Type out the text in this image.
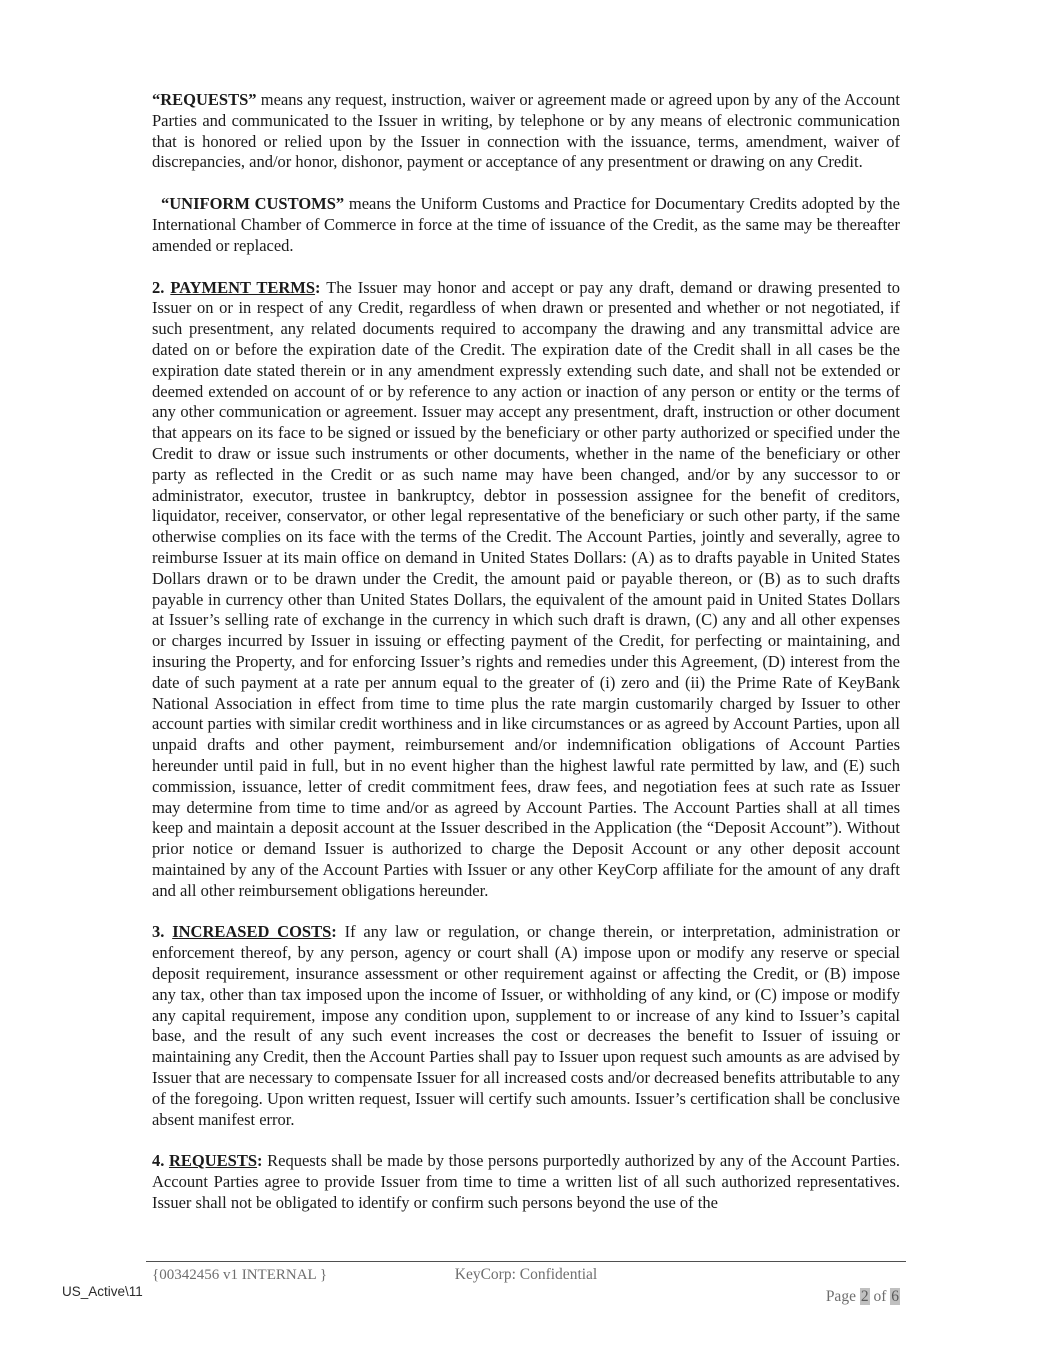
“REQUESTS” means any request, instruction, waiver or agreement made or agreed upon by any of the Account Parties and communicated to the Issuer in writing, by telephone or by any means of electronic communication that is honored or relied upon by the Issuer in connection with the issuance, terms, amendment, waiver of discrepancies, and/or honor, dishonor, payment or acceptance of any presentment or drawing on any Credit.

“UNIFORM CUSTOMS” means the Uniform Customs and Practice for Documentary Credits adopted by the International Chamber of Commerce in force at the time of issuance of the Credit, as the same may be thereafter amended or replaced.

2. PAYMENT TERMS: The Issuer may honor and accept or pay any draft, demand or drawing presented to Issuer on or in respect of any Credit, regardless of when drawn or presented and whether or not negotiated, if such presentment, any related documents required to accompany the drawing and any transmittal advice are dated on or before the expiration date of the Credit. The expiration date of the Credit shall in all cases be the expiration date stated therein or in any amendment expressly extending such date, and shall not be extended or deemed extended on account of or by reference to any action or inaction of any person or entity or the terms of any other communication or agreement. Issuer may accept any presentment, draft, instruction or other document that appears on its face to be signed or issued by the beneficiary or other party authorized or specified under the Credit to draw or issue such instruments or other documents, whether in the name of the beneficiary or other party as reflected in the Credit or as such name may have been changed, and/or by any successor to or administrator, executor, trustee in bankruptcy, debtor in possession assignee for the benefit of creditors, liquidator, receiver, conservator, or other legal representative of the beneficiary or such other party, if the same otherwise complies on its face with the terms of the Credit. The Account Parties, jointly and severally, agree to reimburse Issuer at its main office on demand in United States Dollars: (A) as to drafts payable in United States Dollars drawn or to be drawn under the Credit, the amount paid or payable thereon, or (B) as to such drafts payable in currency other than United States Dollars, the equivalent of the amount paid in United States Dollars at Issuer’s selling rate of exchange in the currency in which such draft is drawn, (C) any and all other expenses or charges incurred by Issuer in issuing or effecting payment of the Credit, for perfecting or maintaining, and insuring the Property, and for enforcing Issuer’s rights and remedies under this Agreement, (D) interest from the date of such payment at a rate per annum equal to the greater of (i) zero and (ii) the Prime Rate of KeyBank National Association in effect from time to time plus the rate margin customarily charged by Issuer to other account parties with similar credit worthiness and in like circumstances or as agreed by Account Parties, upon all unpaid drafts and other payment, reimbursement and/or indemnification obligations of Account Parties hereunder until paid in full, but in no event higher than the highest lawful rate permitted by law, and (E) such commission, issuance, letter of credit commitment fees, draw fees, and negotiation fees at such rate as Issuer may determine from time to time and/or as agreed by Account Parties. The Account Parties shall at all times keep and maintain a deposit account at the Issuer described in the Application (the “Deposit Account”). Without prior notice or demand Issuer is authorized to charge the Deposit Account or any other deposit account maintained by any of the Account Parties with Issuer or any other KeyCorp affiliate for the amount of any draft and all other reimbursement obligations hereunder.

3. INCREASED COSTS: If any law or regulation, or change therein, or interpretation, administration or enforcement thereof, by any person, agency or court shall (A) impose upon or modify any reserve or special deposit requirement, insurance assessment or other requirement against or affecting the Credit, or (B) impose any tax, other than tax imposed upon the income of Issuer, or withholding of any kind, or (C) impose or modify any capital requirement, impose any condition upon, supplement to or increase of any kind to Issuer’s capital base, and the result of any such event increases the cost or decreases the benefit to Issuer of issuing or maintaining any Credit, then the Account Parties shall pay to Issuer upon request such amounts as are advised by Issuer that are necessary to compensate Issuer for all increased costs and/or decreased benefits attributable to any of the foregoing. Upon written request, Issuer will certify such amounts. Issuer’s certification shall be conclusive absent manifest error.

4. REQUESTS: Requests shall be made by those persons purportedly authorized by any of the Account Parties. Account Parties agree to provide Issuer from time to time a written list of all such authorized representatives. Issuer shall not be obligated to identify or confirm such persons beyond the use of the

{00342456 v1 INTERNAL }	KeyCorp: Confidential
US_Active\11	Page 2 of 6
